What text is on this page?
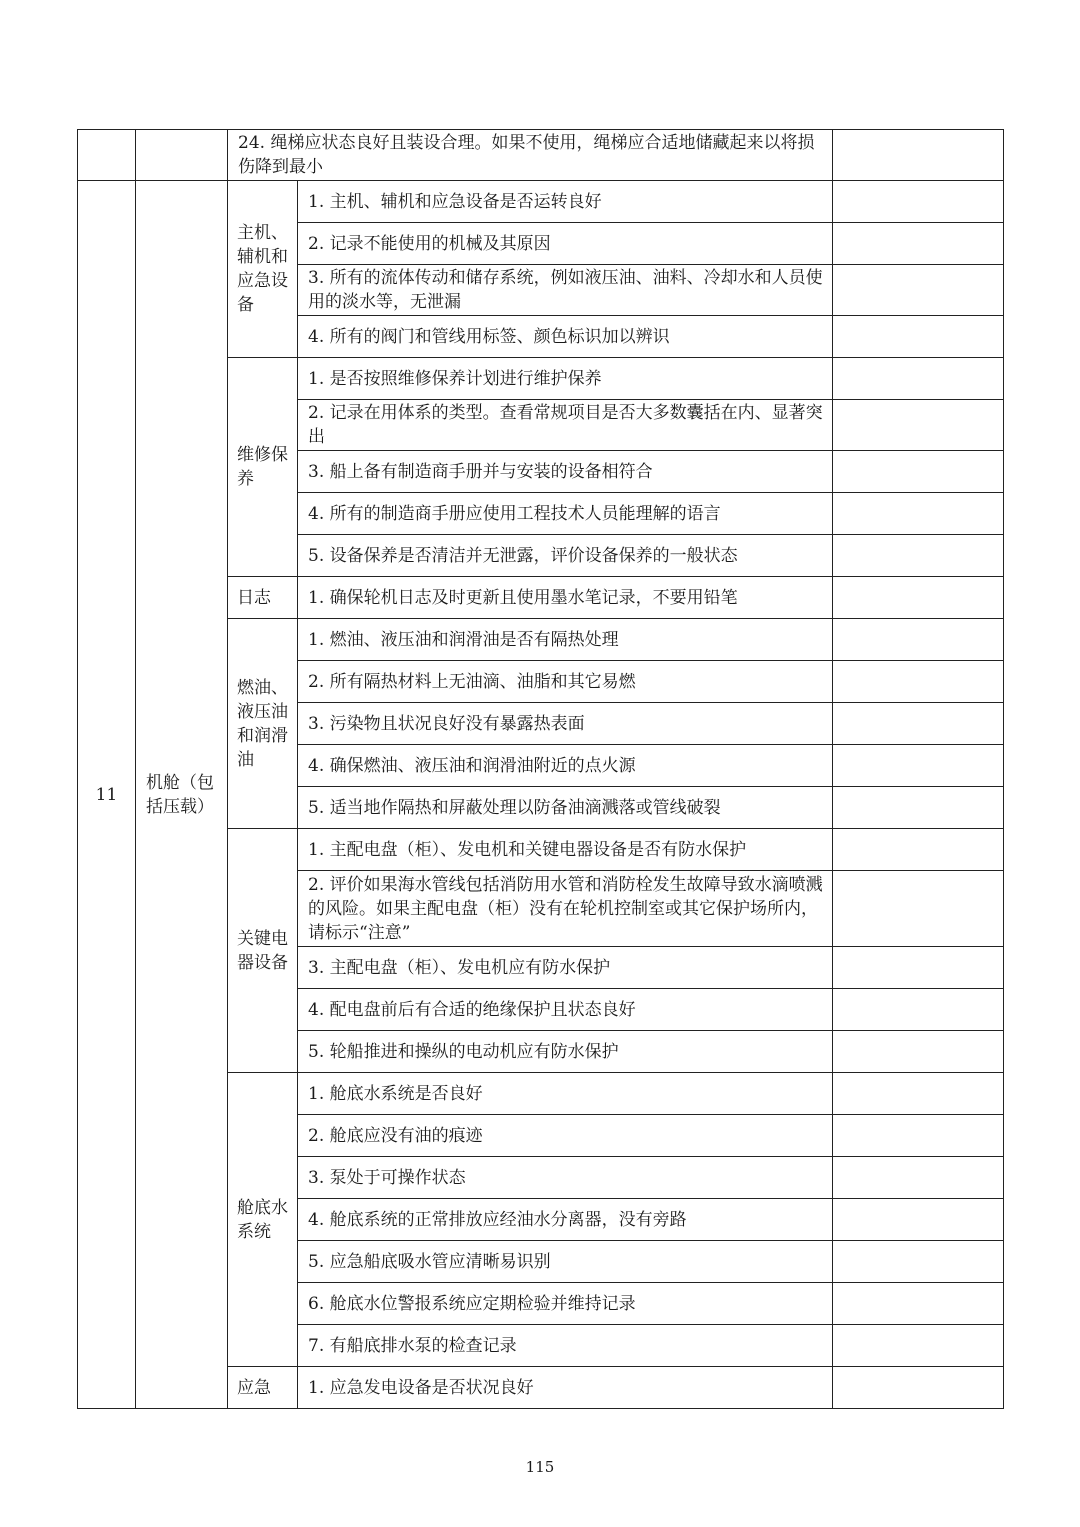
		24. 绳梯应状态良好且装设合理。如果不使用，绳梯应合适地储藏起来以将损伤降到最小		
11	机舱（包括压载）	主机、辅机和应急设备	1. 主机、辅机和应急设备是否运转良好	
			2. 记录不能使用的机械及其原因	
			3. 所有的流体传动和储存系统，例如液压油、油料、冷却水和人员使用的淡水等，无泄漏	
			4. 所有的阀门和管线用标签、颜色标识加以辨识	
		维修保养	1. 是否按照维修保养计划进行维护保养	
			2. 记录在用体系的类型。查看常规项目是否大多数囊括在内、显著突出	
			3. 船上备有制造商手册并与安装的设备相符合	
			4. 所有的制造商手册应使用工程技术人员能理解的语言	
			5. 设备保养是否清洁并无泄露，评价设备保养的一般状态	
		日志	1. 确保轮机日志及时更新且使用墨水笔记录，不要用铅笔	
		燃油、液压油和润滑油	1. 燃油、液压油和润滑油是否有隔热处理	
			2. 所有隔热材料上无油滴、油脂和其它易燃	
			3. 污染物且状况良好没有暴露热表面	
			4. 确保燃油、液压油和润滑油附近的点火源	
			5. 适当地作隔热和屏蔽处理以防备油滴溅落或管线破裂	
		关键电器设备	1. 主配电盘（柜）、发电机和关键电器设备是否有防水保护	
			2. 评价如果海水管线包括消防用水管和消防栓发生故障导致水滴喷溅的风险。如果主配电盘（柜）没有在轮机控制室或其它保护场所内，请标示“注意”	
			3. 主配电盘（柜）、发电机应有防水保护	
			4. 配电盘前后有合适的绝缘保护且状态良好	
			5. 轮船推进和操纵的电动机应有防水保护	
		舱底水系统	1. 舱底水系统是否良好	
			2. 舱底应没有油的痕迹	
			3. 泵处于可操作状态	
			4. 舱底系统的正常排放应经油水分离器，没有旁路	
			5. 应急船底吸水管应清晰易识别	
			6. 舱底水位警报系统应定期检验并维持记录	
			7. 有船底排水泵的检查记录	
		应急	1. 应急发电设备是否状况良好	
115
